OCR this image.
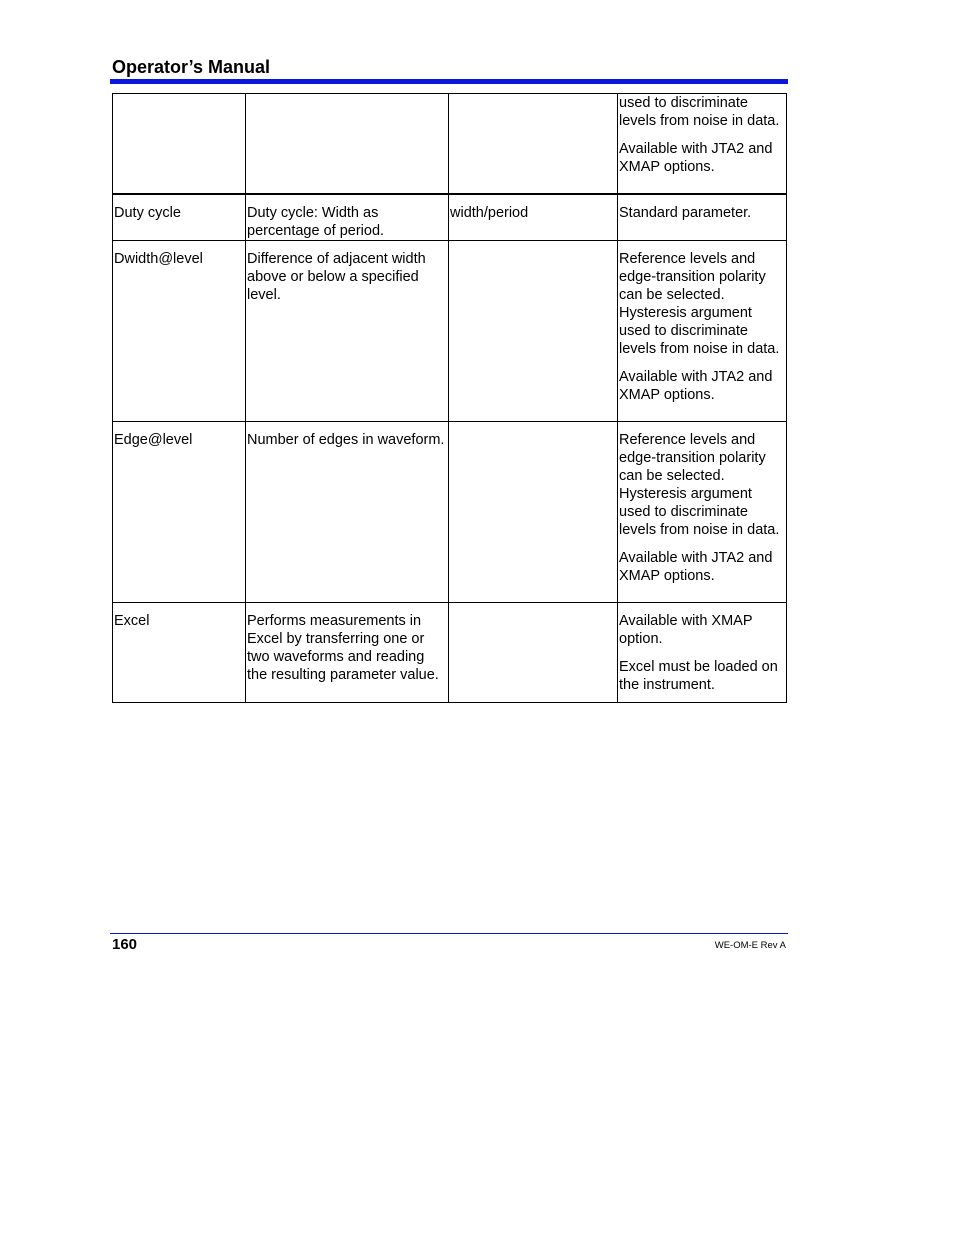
Operator’s Manual

			used to discriminate levels from noise in data.

Available with JTA2 and XMAP options.

Duty cycle	Duty cycle: Width as percentage of period.	width/period	Standard parameter.

Dwidth@level	Difference of adjacent width above or below a specified level.		Reference levels and edge-transition polarity can be selected. Hysteresis argument used to discriminate levels from noise in data.

Available with JTA2 and XMAP options.

Edge@level	Number of edges in waveform.		Reference levels and edge-transition polarity can be selected. Hysteresis argument used to discriminate levels from noise in data.

Available with JTA2 and XMAP options.

Excel	Performs measurements in Excel by transferring one or two waveforms and reading the resulting parameter value.		Available with XMAP option.

Excel must be loaded on the instrument.

160	WE-OM-E Rev A
